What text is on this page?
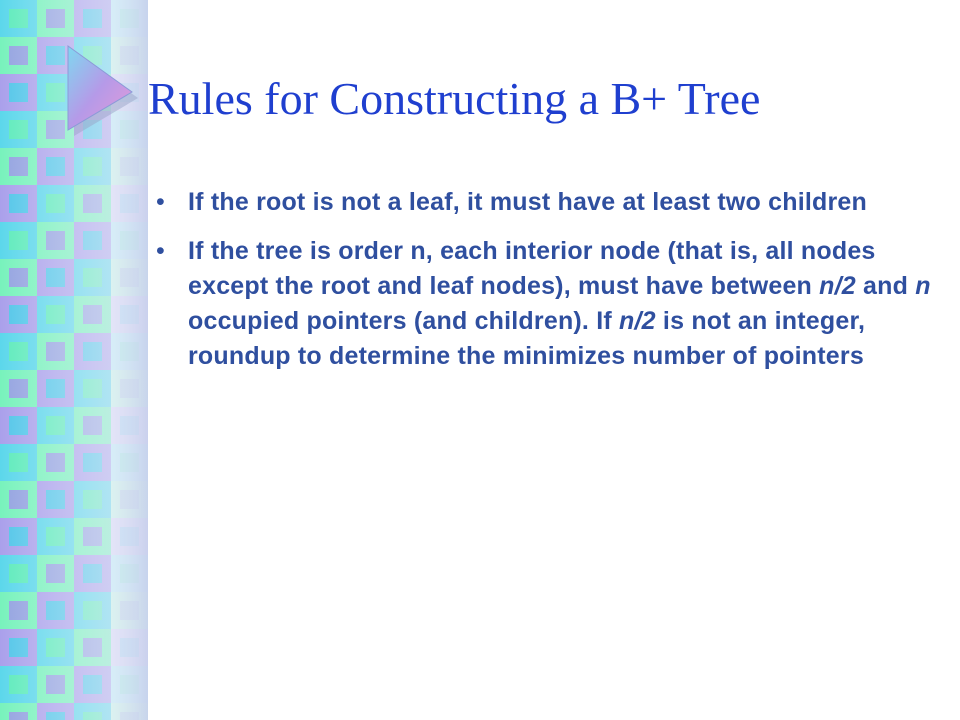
Rules for Constructing a B+ Tree
• If the root is not a leaf, it must have at least two children
• If the tree is order n, each interior node (that is, all nodes except the root and leaf nodes), must have between n/2 and n occupied pointers (and children). If n/2 is not an integer, roundup to determine the minimizes number of pointers
